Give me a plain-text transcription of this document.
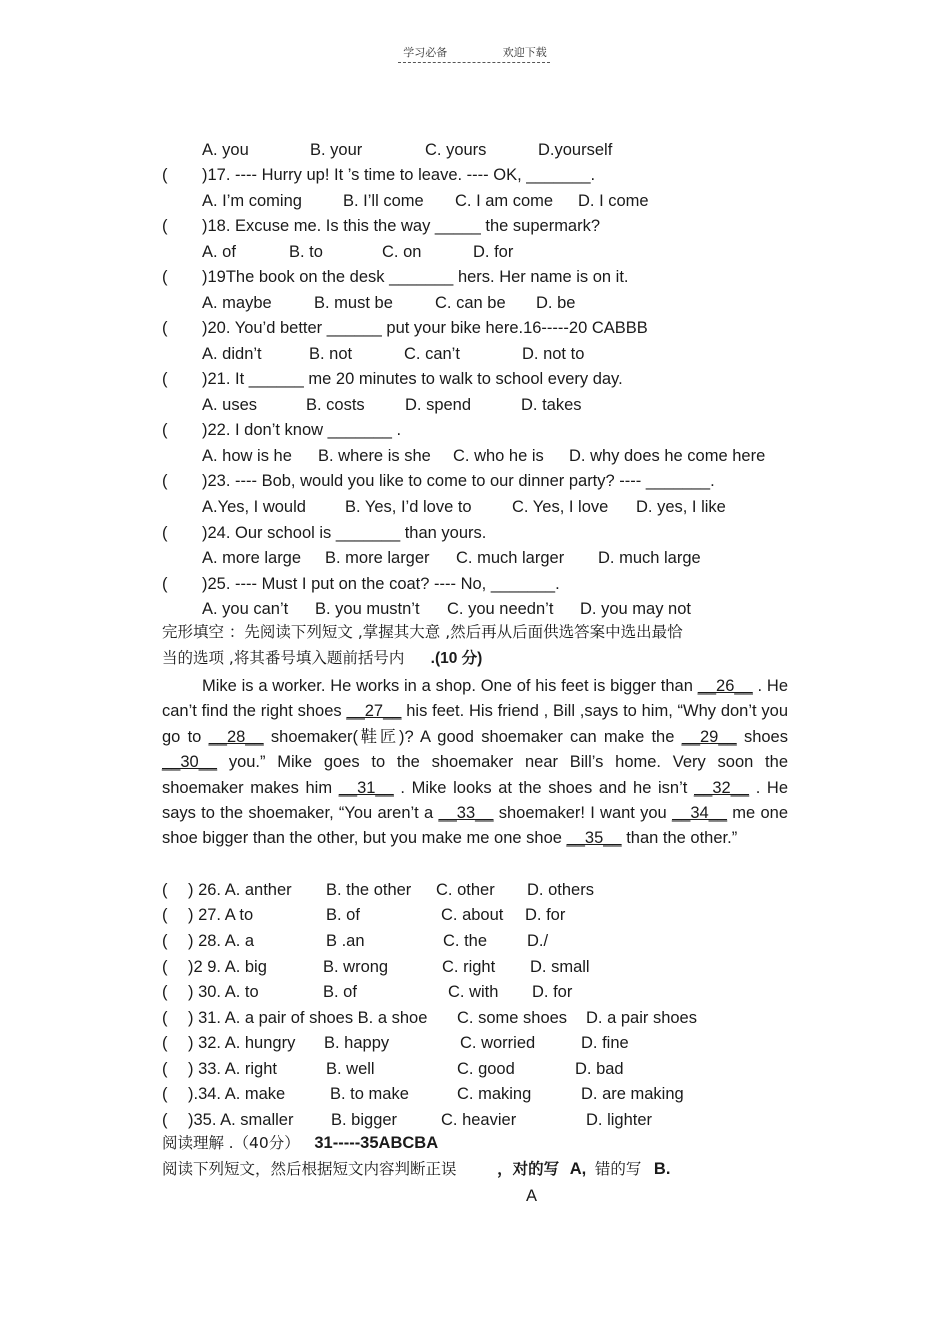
学习必备	欢迎下载
A. you	B. your	C. yours	D.yourself
( )17. ---- Hurry up! It ’s time to leave. ---- OK, _______.
A. I’m coming B. I’ll come C. I am come D. I come
( )18. Excuse me. Is this the way _____ the supermark?
A. of	B. to	C. on	D. for
( )19The book on the desk _______ hers. Her name is on it.
A. maybe	B. must be	C. can be D. be
( )20. You’d better ______ put your bike here.16-----20 CABBB
A. didn’t	B. not	C. can’t	D. not to
( )21. It ______ me 20 minutes to walk to school every day.
A. uses	B. costs D. spend	D. takes
( )22. I don’t know _______ .
A. how is he B. where is she C. who he is D. why does he come here
( )23. ---- Bob, would you like to come to our dinner party? ---- _______.
A.Yes, I would B. Yes, I’d love to C. Yes, I love D. yes, I like
( )24. Our school is _______ than yours.
A. more large B. more larger C. much larger D. much large
( )25. ---- Must I put on the coat? ---- No, _______.
A. you can’t B. you mustn’t C. you needn’t D. you may not
完形填空 ：先阅读下列短文 ,掌握其大意 ,然后再从后面供选答案中选出最恰
当的选项 ,将其番号填入题前括号内 .(10 分)

Mike is a worker. He works in a shop. One of his feet is bigger than __26__ . He can’t find the right shoes __27__ his feet. His friend , Bill ,says to him, “Why don’t you go to __28__ shoemaker(鞋匠)? A good shoemaker can make the __29__ shoes __30__ you.” Mike goes to the shoemaker near Bill’s home. Very soon the shoemaker makes him __31__ . Mike looks at the shoes and he isn’t __32__ . He says to the shoemaker, “You aren’t a __33__ shoemaker! I want you __34__ me one shoe bigger than the other, but you make me one shoe __35__ than the other.”

( ) 26. A. anther B. the other C. other D. others
( ) 27. A to	B. of	C. about D. for
( ) 28. A. a	B .an	C. the D./
( )2 9. A. big	B. wrong	C. right D. small
( ) 30. A. to	B. of	C. with D. for
( ) 31. A. a pair of shoes B. a shoe C. some shoes D. a pair shoes
( ) 32. A. hungry B. happy	C. worried	D. fine
( ) 33. A. right	B. well	C. good	D. bad
( ).34. A. make	B. to make	C. making	D. are making
( )35. A. smaller B. bigger	C. heavier	D. lighter
阅读理解 .（40分） 31-----35ABCBA
阅读下列短文，然后根据短文内容判断正误	，对的写 A, 错的写 B.
A
